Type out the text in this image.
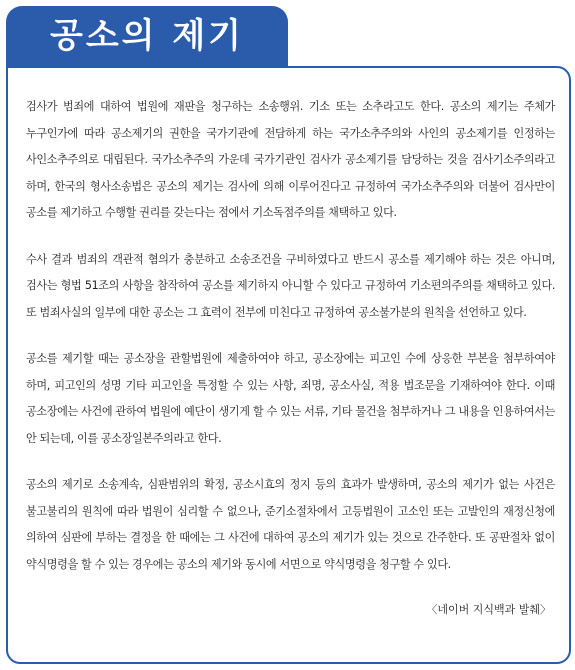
공소의 제기

검사가 범죄에 대하여 법원에 재판을 청구하는 소송행위. 기소 또는 소추라고도 한다. 공소의 제기는 주체가 누구인가에 따라 공소제기의 권한을 국가기관에 전담하게 하는 국가소추주의와 사인의 공소제기를 인정하는 사인소추주의로 대립된다. 국가소추주의 가운데 국가기관인 검사가 공소제기를 담당하는 것을 검사기소주의라고 하며, 한국의 형사소송법은 공소의 제기는 검사에 의해 이루어진다고 규정하여 국가소추주의와 더불어 검사만이 공소를 제기하고 수행할 권리를 갖는다는 점에서 기소독점주의를 채택하고 있다.

수사 결과 범죄의 객관적 혐의가 충분하고 소송조건을 구비하였다고 반드시 공소를 제기해야 하는 것은 아니며, 검사는 형법 51조의 사항을 참작하여 공소를 제기하지 아니할 수 있다고 규정하여 기소편의주의를 채택하고 있다. 또 범죄사실의 일부에 대한 공소는 그 효력이 전부에 미친다고 규정하여 공소불가분의 원칙을 선언하고 있다.

공소를 제기할 때는 공소장을 관할법원에 제출하여야 하고, 공소장에는 피고인 수에 상응한 부본을 첨부하여야 하며, 피고인의 성명 기타 피고인을 특정할 수 있는 사항, 죄명, 공소사실, 적용 법조문을 기재하여야 한다. 이때 공소장에는 사건에 관하여 법원에 예단이 생기게 할 수 있는 서류, 기타 물건을 첨부하거나 그 내용을 인용하여서는 안 되는데, 이를 공소장일본주의라고 한다.

공소의 제기로 소송계속, 심판범위의 확정, 공소시효의 정지 등의 효과가 발생하며, 공소의 제기가 없는 사건은 불고불리의 원칙에 따라 법원이 심리할 수 없으나, 준기소절차에서 고등법원이 고소인 또는 고발인의 재정신청에 의하여 심판에 부하는 결정을 한 때에는 그 사건에 대하여 공소의 제기가 있는 것으로 간주한다. 또 공판절차 없이 약식명령을 할 수 있는 경우에는 공소의 제기와 동시에 서면으로 약식명령을 청구할 수 있다.

〈네이버 지식백과 발췌〉
